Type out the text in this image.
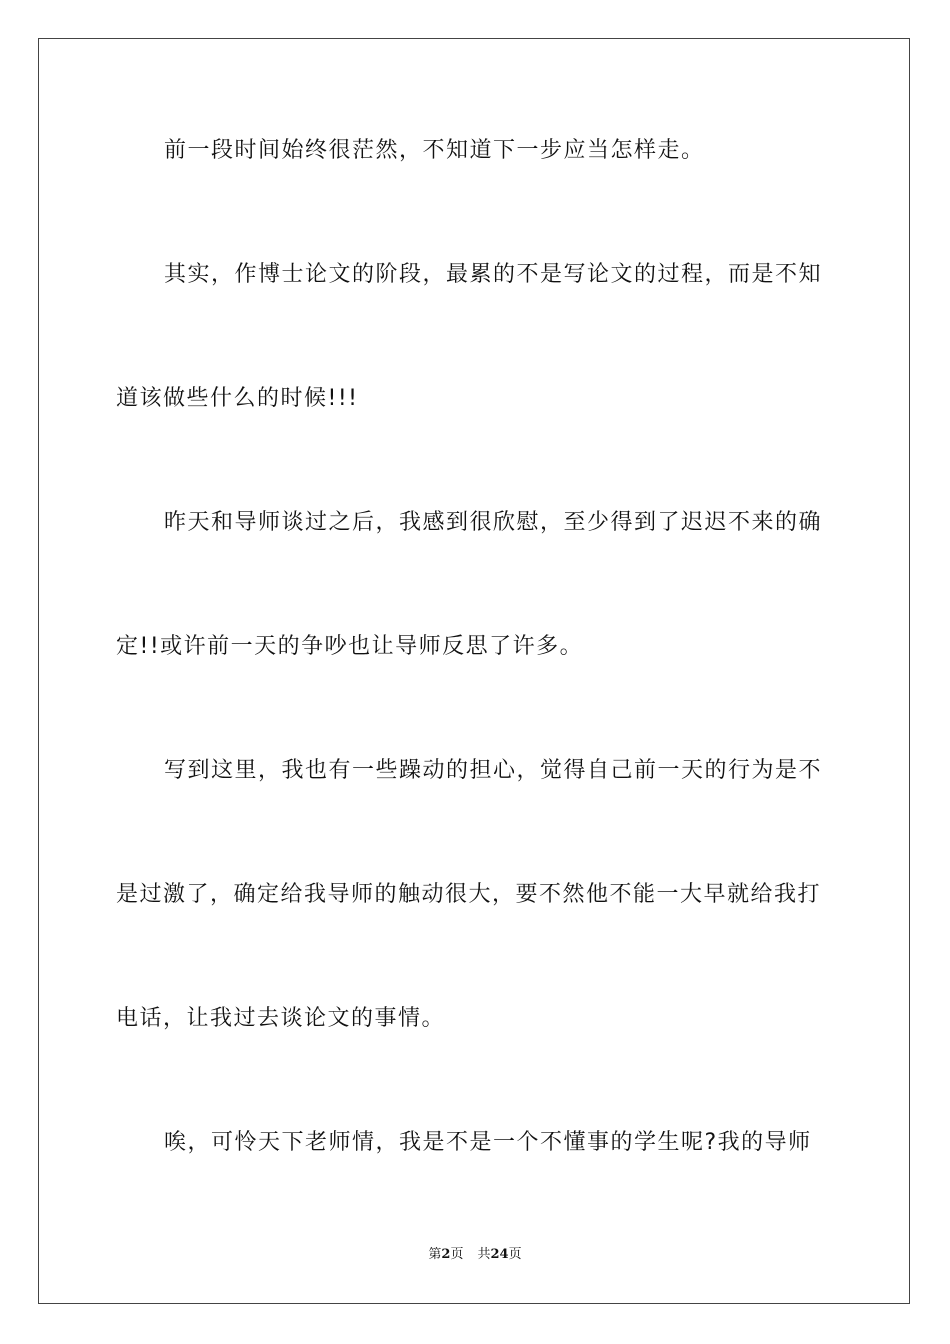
前一段时间始终很茫然，不知道下一步应当怎样走。
其实，作博士论文的阶段，最累的不是写论文的过程，而是不知
道该做些什么的时候!!!
昨天和导师谈过之后，我感到很欣慰，至少得到了迟迟不来的确
定!!或许前一天的争吵也让导师反思了许多。
写到这里，我也有一些躁动的担心，觉得自己前一天的行为是不
是过激了，确定给我导师的触动很大，要不然他不能一大早就给我打
电话，让我过去谈论文的事情。
唉，可怜天下老师情，我是不是一个不懂事的学生呢?我的导师
第2页 共24页
